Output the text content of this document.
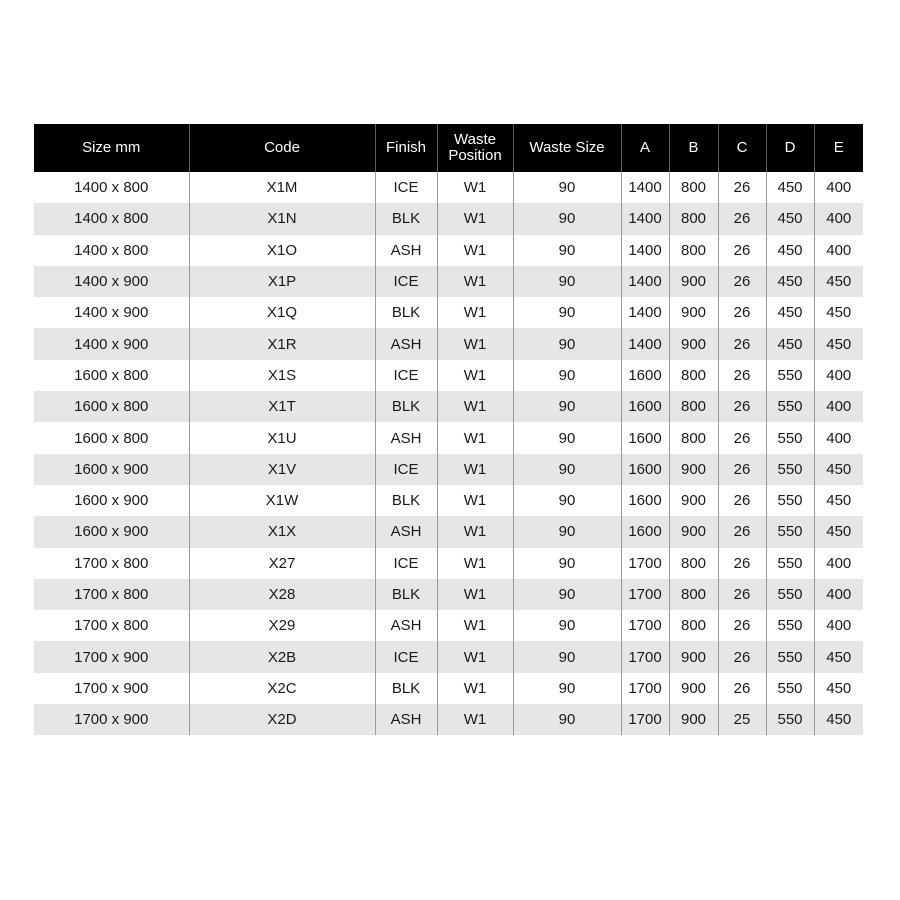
Size mm	Code	Finish	Waste Position	Waste Size	A	B	C	D	E
1400 x 800	X1M	ICE	W1	90	1400	800	26	450	400
1400 x 800	X1N	BLK	W1	90	1400	800	26	450	400
1400 x 800	X1O	ASH	W1	90	1400	800	26	450	400
1400 x 900	X1P	ICE	W1	90	1400	900	26	450	450
1400 x 900	X1Q	BLK	W1	90	1400	900	26	450	450
1400 x 900	X1R	ASH	W1	90	1400	900	26	450	450
1600 x 800	X1S	ICE	W1	90	1600	800	26	550	400
1600 x 800	X1T	BLK	W1	90	1600	800	26	550	400
1600 x 800	X1U	ASH	W1	90	1600	800	26	550	400
1600 x 900	X1V	ICE	W1	90	1600	900	26	550	450
1600 x 900	X1W	BLK	W1	90	1600	900	26	550	450
1600 x 900	X1X	ASH	W1	90	1600	900	26	550	450
1700 x 800	X27	ICE	W1	90	1700	800	26	550	400
1700 x 800	X28	BLK	W1	90	1700	800	26	550	400
1700 x 800	X29	ASH	W1	90	1700	800	26	550	400
1700 x 900	X2B	ICE	W1	90	1700	900	26	550	450
1700 x 900	X2C	BLK	W1	90	1700	900	26	550	450
1700 x 900	X2D	ASH	W1	90	1700	900	25	550	450
